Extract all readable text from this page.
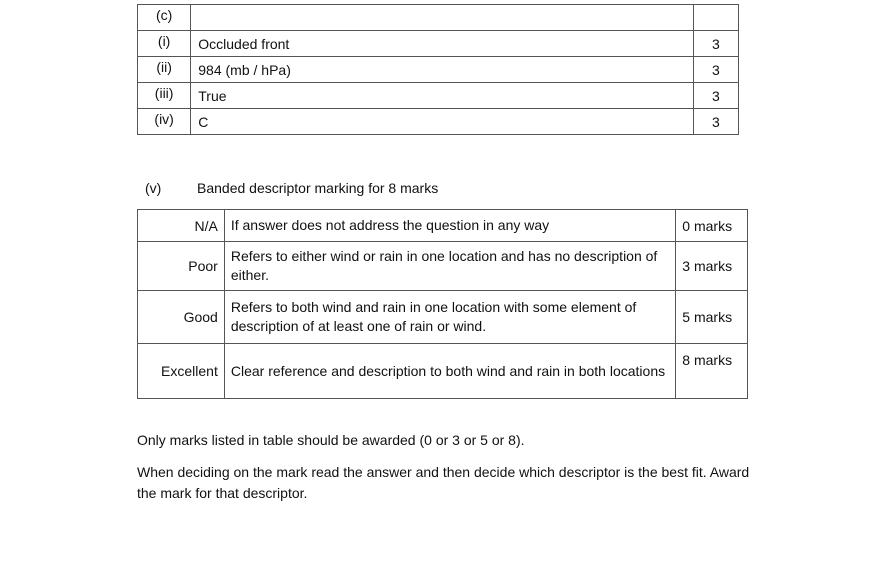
(c)		
(i)	Occluded front	3
(ii)	984 (mb / hPa)	3
(iii)	True	3
(iv)	C	3
(v)	Banded descriptor marking for 8 marks
N/A	If answer does not address the question in any way	0 marks
Poor	Refers to either wind or rain in one location and has no description of either.	3 marks
Good	Refers to both wind and rain in one location with some element of description of at least one of rain or wind.	5 marks
Excellent	Clear reference and description to both wind and rain in both locations	8 marks
Only marks listed in table should be awarded (0 or 3 or 5 or 8).
When deciding on the mark read the answer and then decide which descriptor is the best fit. Award the mark for that descriptor.
